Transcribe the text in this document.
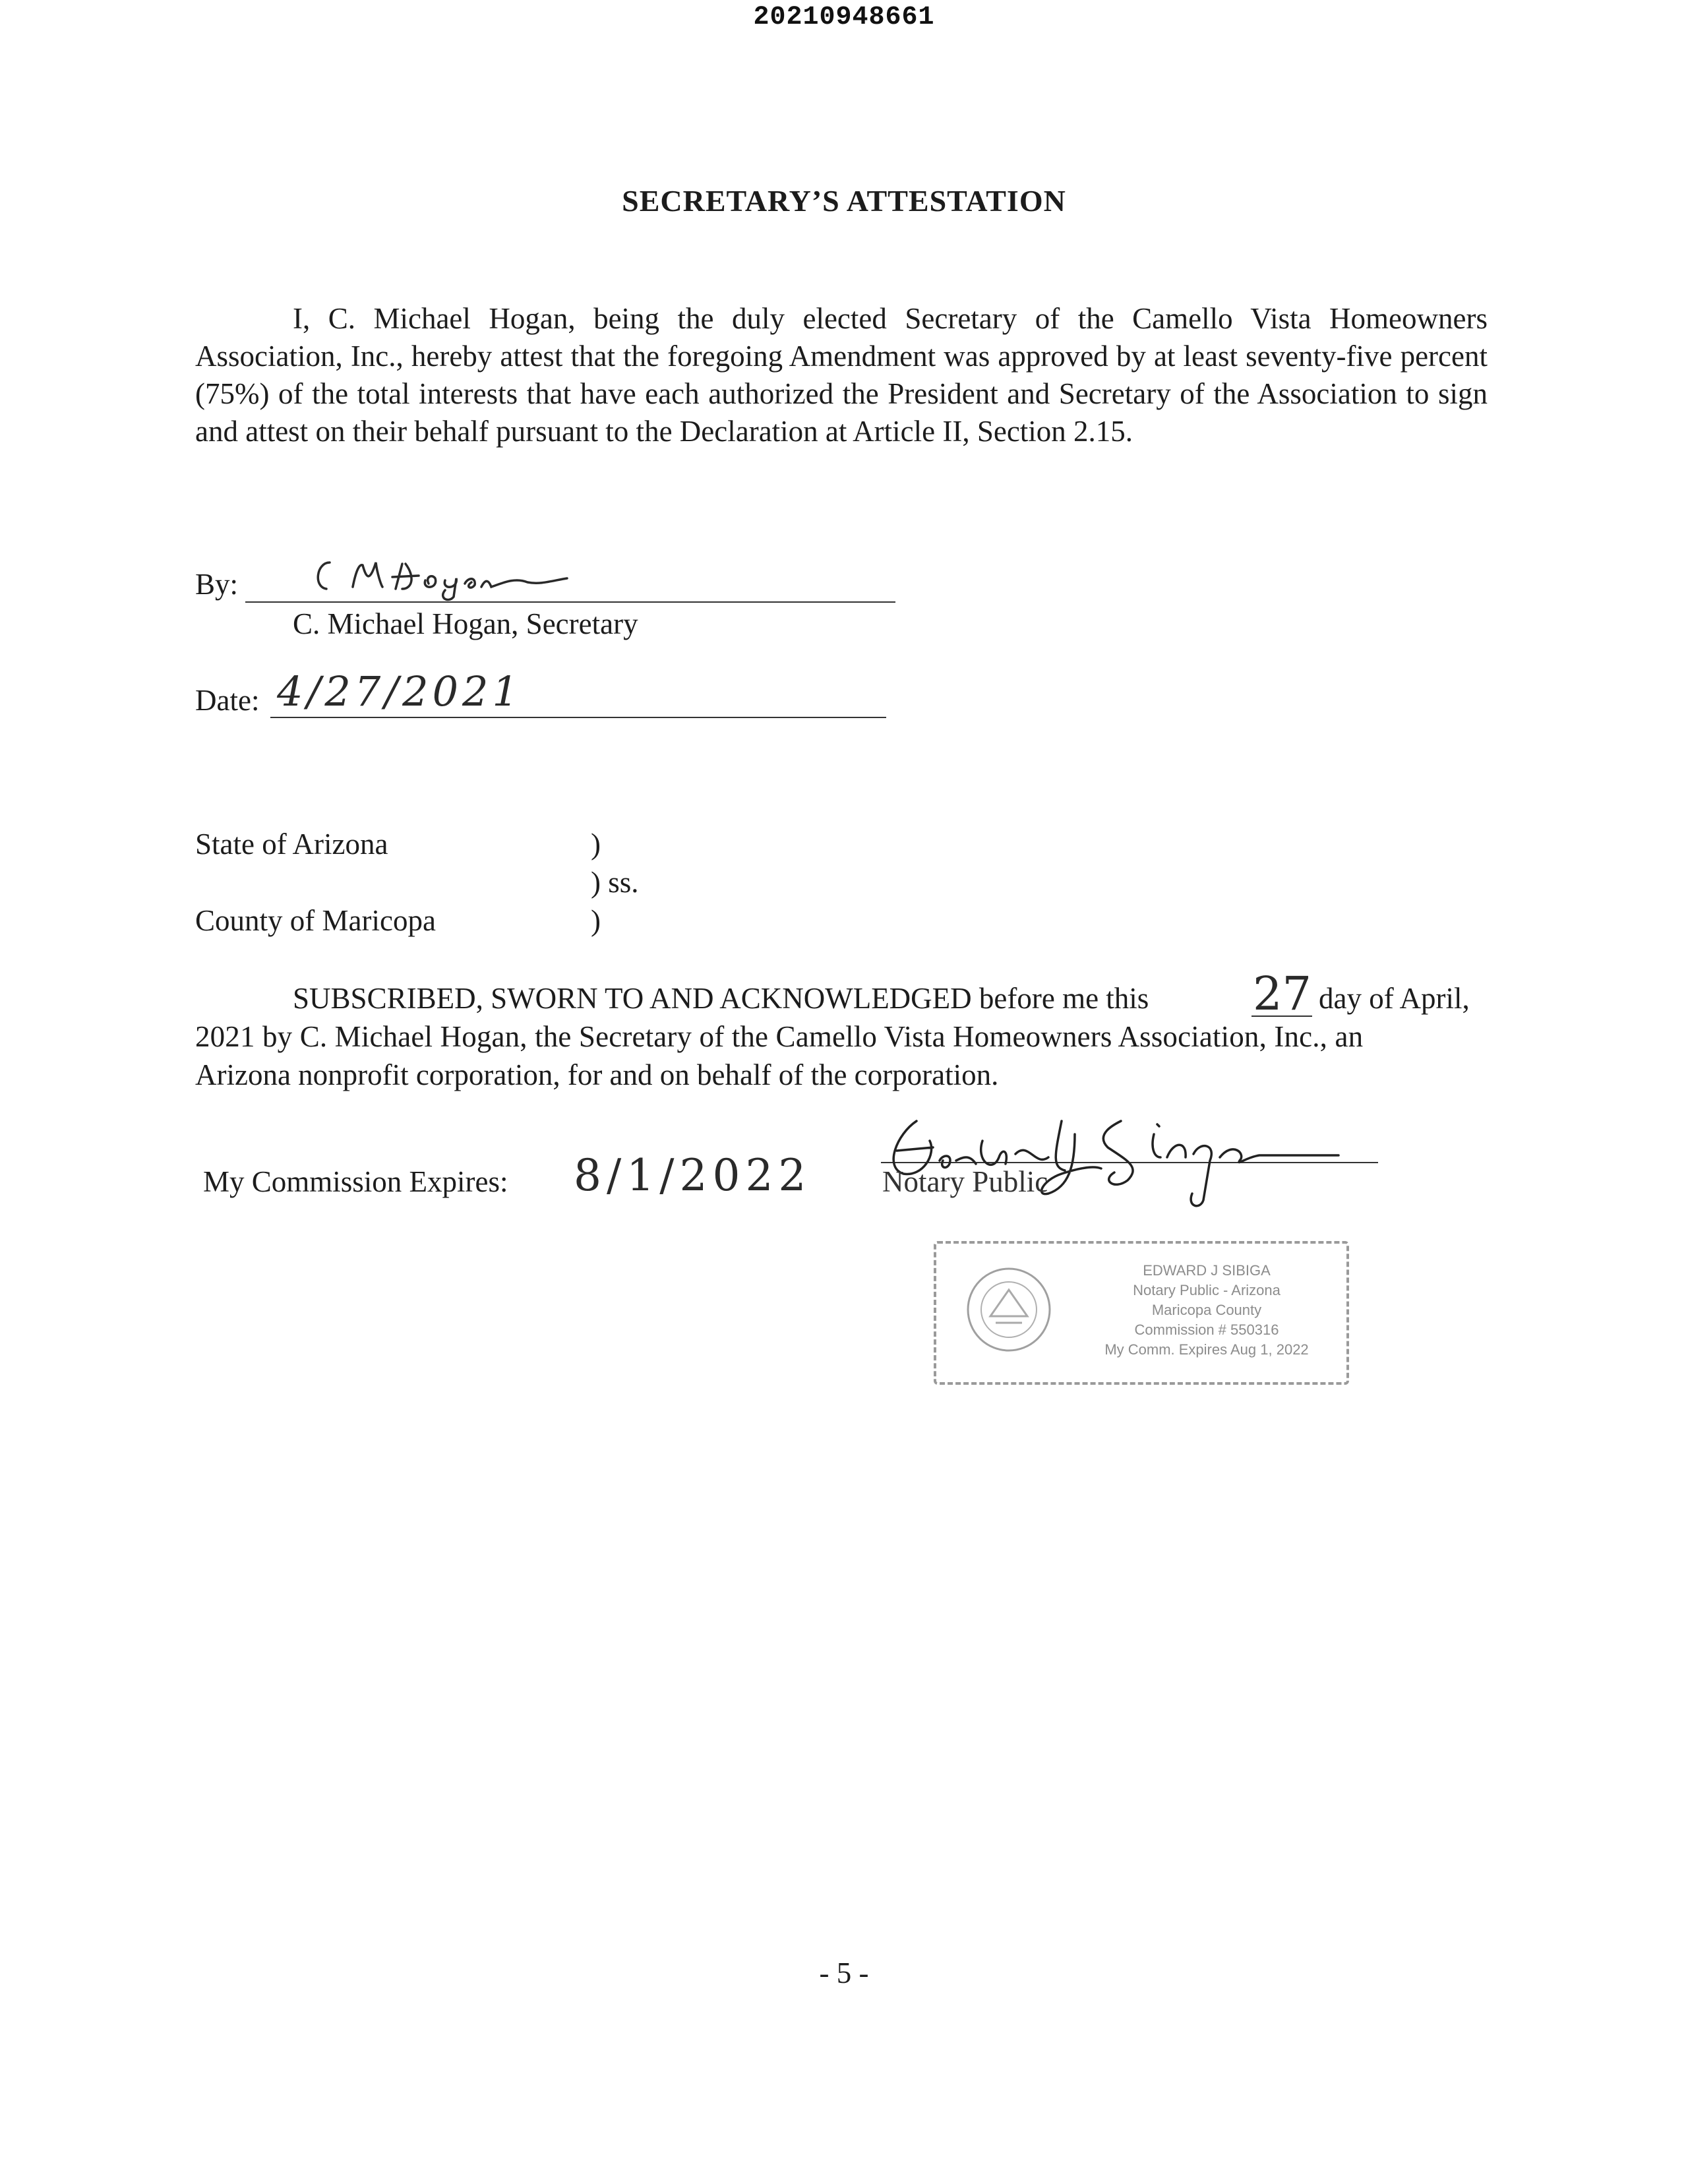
20210948661
SECRETARY’S ATTESTATION
I, C. Michael Hogan, being the duly elected Secretary of the Camello Vista Homeowners Association, Inc., hereby attest that the foregoing Amendment was approved by at least seventy-five percent (75%) of the total interests that have each authorized the President and Secretary of the Association to sign and attest on their behalf pursuant to the Declaration at Article II, Section 2.15.
By:
C. Michael Hogan, Secretary
Date: 4/27/2021
State of Arizona	)
) ss.
County of Maricopa	)
SUBSCRIBED, SWORN TO AND ACKNOWLEDGED before me this 27 day of April,
2021 by C. Michael Hogan, the Secretary of the Camello Vista Homeowners Association, Inc., an
Arizona nonprofit corporation, for and on behalf of the corporation.
My Commission Expires: 8/1/2022 Notary Public
EDWARD J SIBIGA
Notary Public - Arizona
Maricopa County
Commission # 550316
My Comm. Expires Aug 1, 2022
- 5 -
